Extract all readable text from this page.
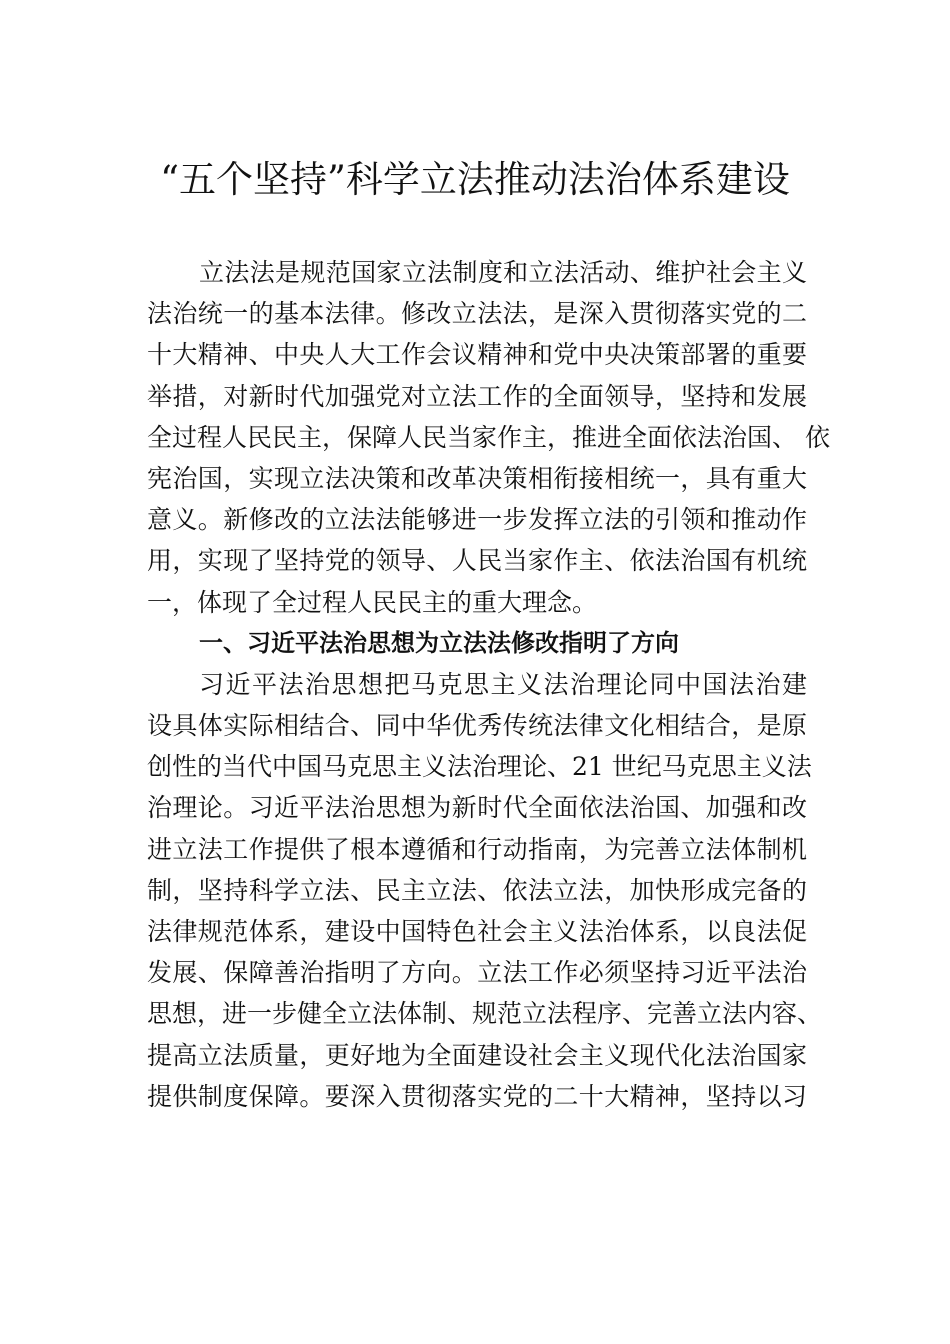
“五个坚持”科学立法推动法治体系建设
立法法是规范国家立法制度和立法活动、维护社会主义
法治统一的基本法律。修改立法法，是深入贯彻落实党的二
十大精神、中央人大工作会议精神和党中央决策部署的重要
举措，对新时代加强党对立法工作的全面领导，坚持和发展
全过程人民民主，保障人民当家作主，推进全面依法治国、 依
宪治国，实现立法决策和改革决策相衔接相统一，具有重大
意义。新修改的立法法能够进一步发挥立法的引领和推动作
用，实现了坚持党的领导、人民当家作主、依法治国有机统
一，体现了全过程人民民主的重大理念。
一、习近平法治思想为立法法修改指明了方向
习近平法治思想把马克思主义法治理论同中国法治建
设具体实际相结合、同中华优秀传统法律文化相结合，是原
创性的当代中国马克思主义法治理论、21 世纪马克思主义法
治理论。习近平法治思想为新时代全面依法治国、加强和改
进立法工作提供了根本遵循和行动指南，为完善立法体制机
制，坚持科学立法、民主立法、依法立法，加快形成完备的
法律规范体系，建设中国特色社会主义法治体系，以良法促
发展、保障善治指明了方向。立法工作必须坚持习近平法治
思想，进一步健全立法体制、规范立法程序、完善立法内容、
提高立法质量，更好地为全面建设社会主义现代化法治国家
提供制度保障。要深入贯彻落实党的二十大精神，坚持以习
